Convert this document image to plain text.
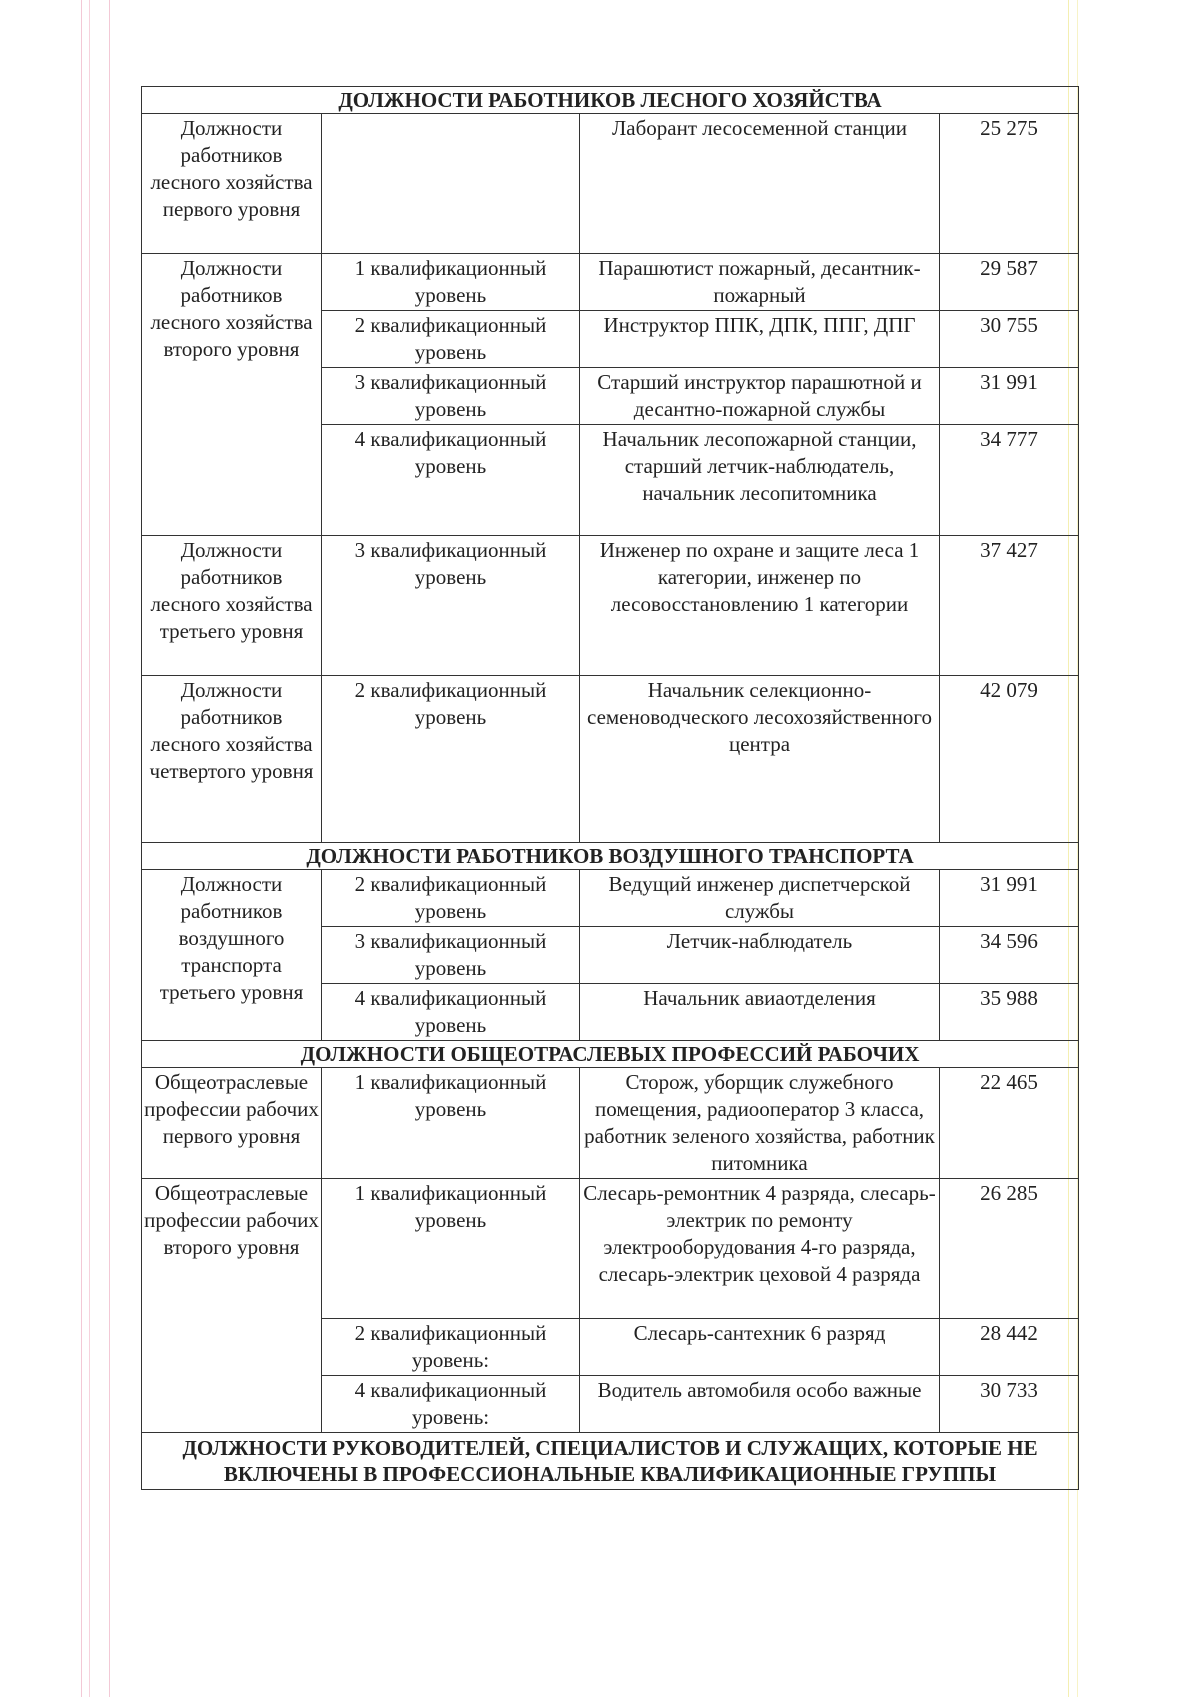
ДОЛЖНОСТИ РАБОТНИКОВ ЛЕСНОГО ХОЗЯЙСТВА			
Должности работников лесного хозяйства первого уровня		Лаборант лесосеменной станции	25 275
Должности работников лесного хозяйства второго уровня	1 квалификационный уровень	Парашютист пожарный, десантник-пожарный	29 587
	2 квалификационный уровень	Инструктор ППК, ДПК, ППГ, ДПГ	30 755
	3 квалификационный уровень	Старший инструктор парашютной и десантно-пожарной службы	31 991
	4 квалификационный уровень	Начальник лесопожарной станции, старший летчик-наблюдатель, начальник лесопитомника	34 777
Должности работников лесного хозяйства третьего уровня	3 квалификационный уровень	Инженер по охране и защите леса 1 категории, инженер по лесовосстановлению 1 категории	37 427
Должности работников лесного хозяйства четвертого уровня	2 квалификационный уровень	Начальник селекционно-семеноводческого лесохозяйственного центра	42 079
ДОЛЖНОСТИ РАБОТНИКОВ ВОЗДУШНОГО ТРАНСПОРТА			
Должности работников воздушного транспорта третьего уровня	2 квалификационный уровень	Ведущий инженер диспетчерской службы	31 991
	3 квалификационный уровень	Летчик-наблюдатель	34 596
	4 квалификационный уровень	Начальник авиаотделения	35 988
ДОЛЖНОСТИ ОБЩЕОТРАСЛЕВЫХ ПРОФЕССИЙ РАБОЧИХ			
Общеотраслевые профессии рабочих первого уровня	1 квалификационный уровень	Сторож, уборщик служебного помещения, радиооператор 3 класса, работник зеленого хозяйства, работник питомника	22 465
Общеотраслевые профессии рабочих второго уровня	1 квалификационный уровень	Слесарь-ремонтник 4 разряда, слесарь-электрик по ремонту электрооборудования 4-го разряда, слесарь-электрик цеховой 4 разряда	26 285
	2 квалификационный уровень:	Слесарь-сантехник 6 разряд	28 442
	4 квалификационный уровень:	Водитель автомобиля особо важные	30 733
ДОЛЖНОСТИ РУКОВОДИТЕЛЕЙ, СПЕЦИАЛИСТОВ И СЛУЖАЩИХ, КОТОРЫЕ НЕ ВКЛЮЧЕНЫ В ПРОФЕССИОНАЛЬНЫЕ КВАЛИФИКАЦИОННЫЕ ГРУППЫ			
